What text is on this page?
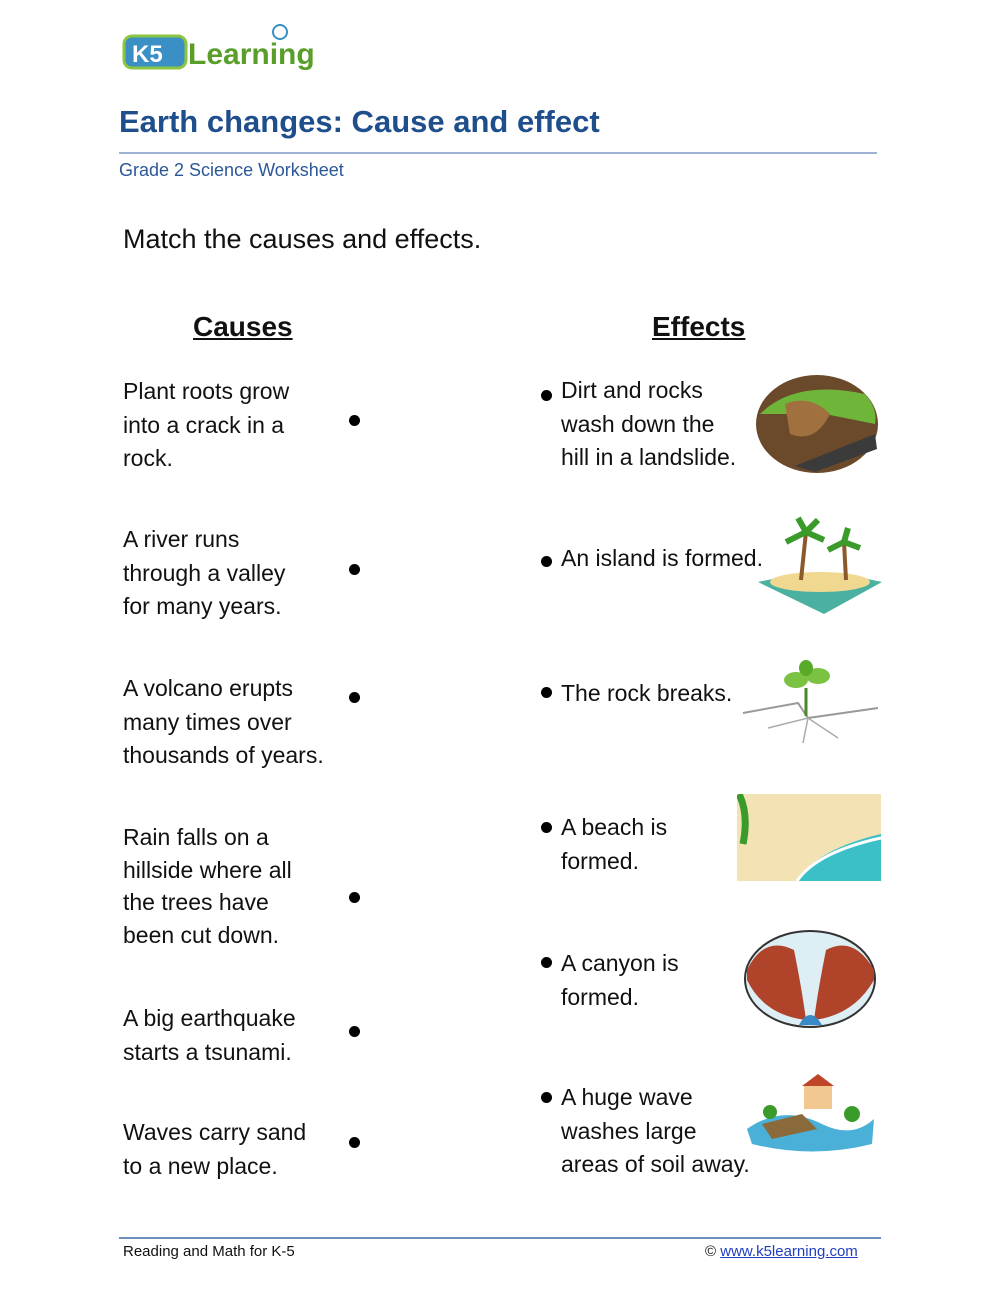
K5 Learning
Earth changes: Cause and effect
Grade 2 Science Worksheet
Match the causes and effects.
Causes	Effects
Plant roots grow
into a crack in a
rock.
A river runs
through a valley
for many years.
A volcano erupts
many times over
thousands of years.
Rain falls on a
hillside where all
the trees have
been cut down.
A big earthquake
starts a tsunami.
Waves carry sand
to a new place.
Dirt and rocks
wash down the
hill in a landslide.
An island is formed.
The rock breaks.
A beach is
formed.
A canyon is
formed.
A huge wave
washes large
areas of soil away.
Reading and Math for K-5	© www.k5learning.com
